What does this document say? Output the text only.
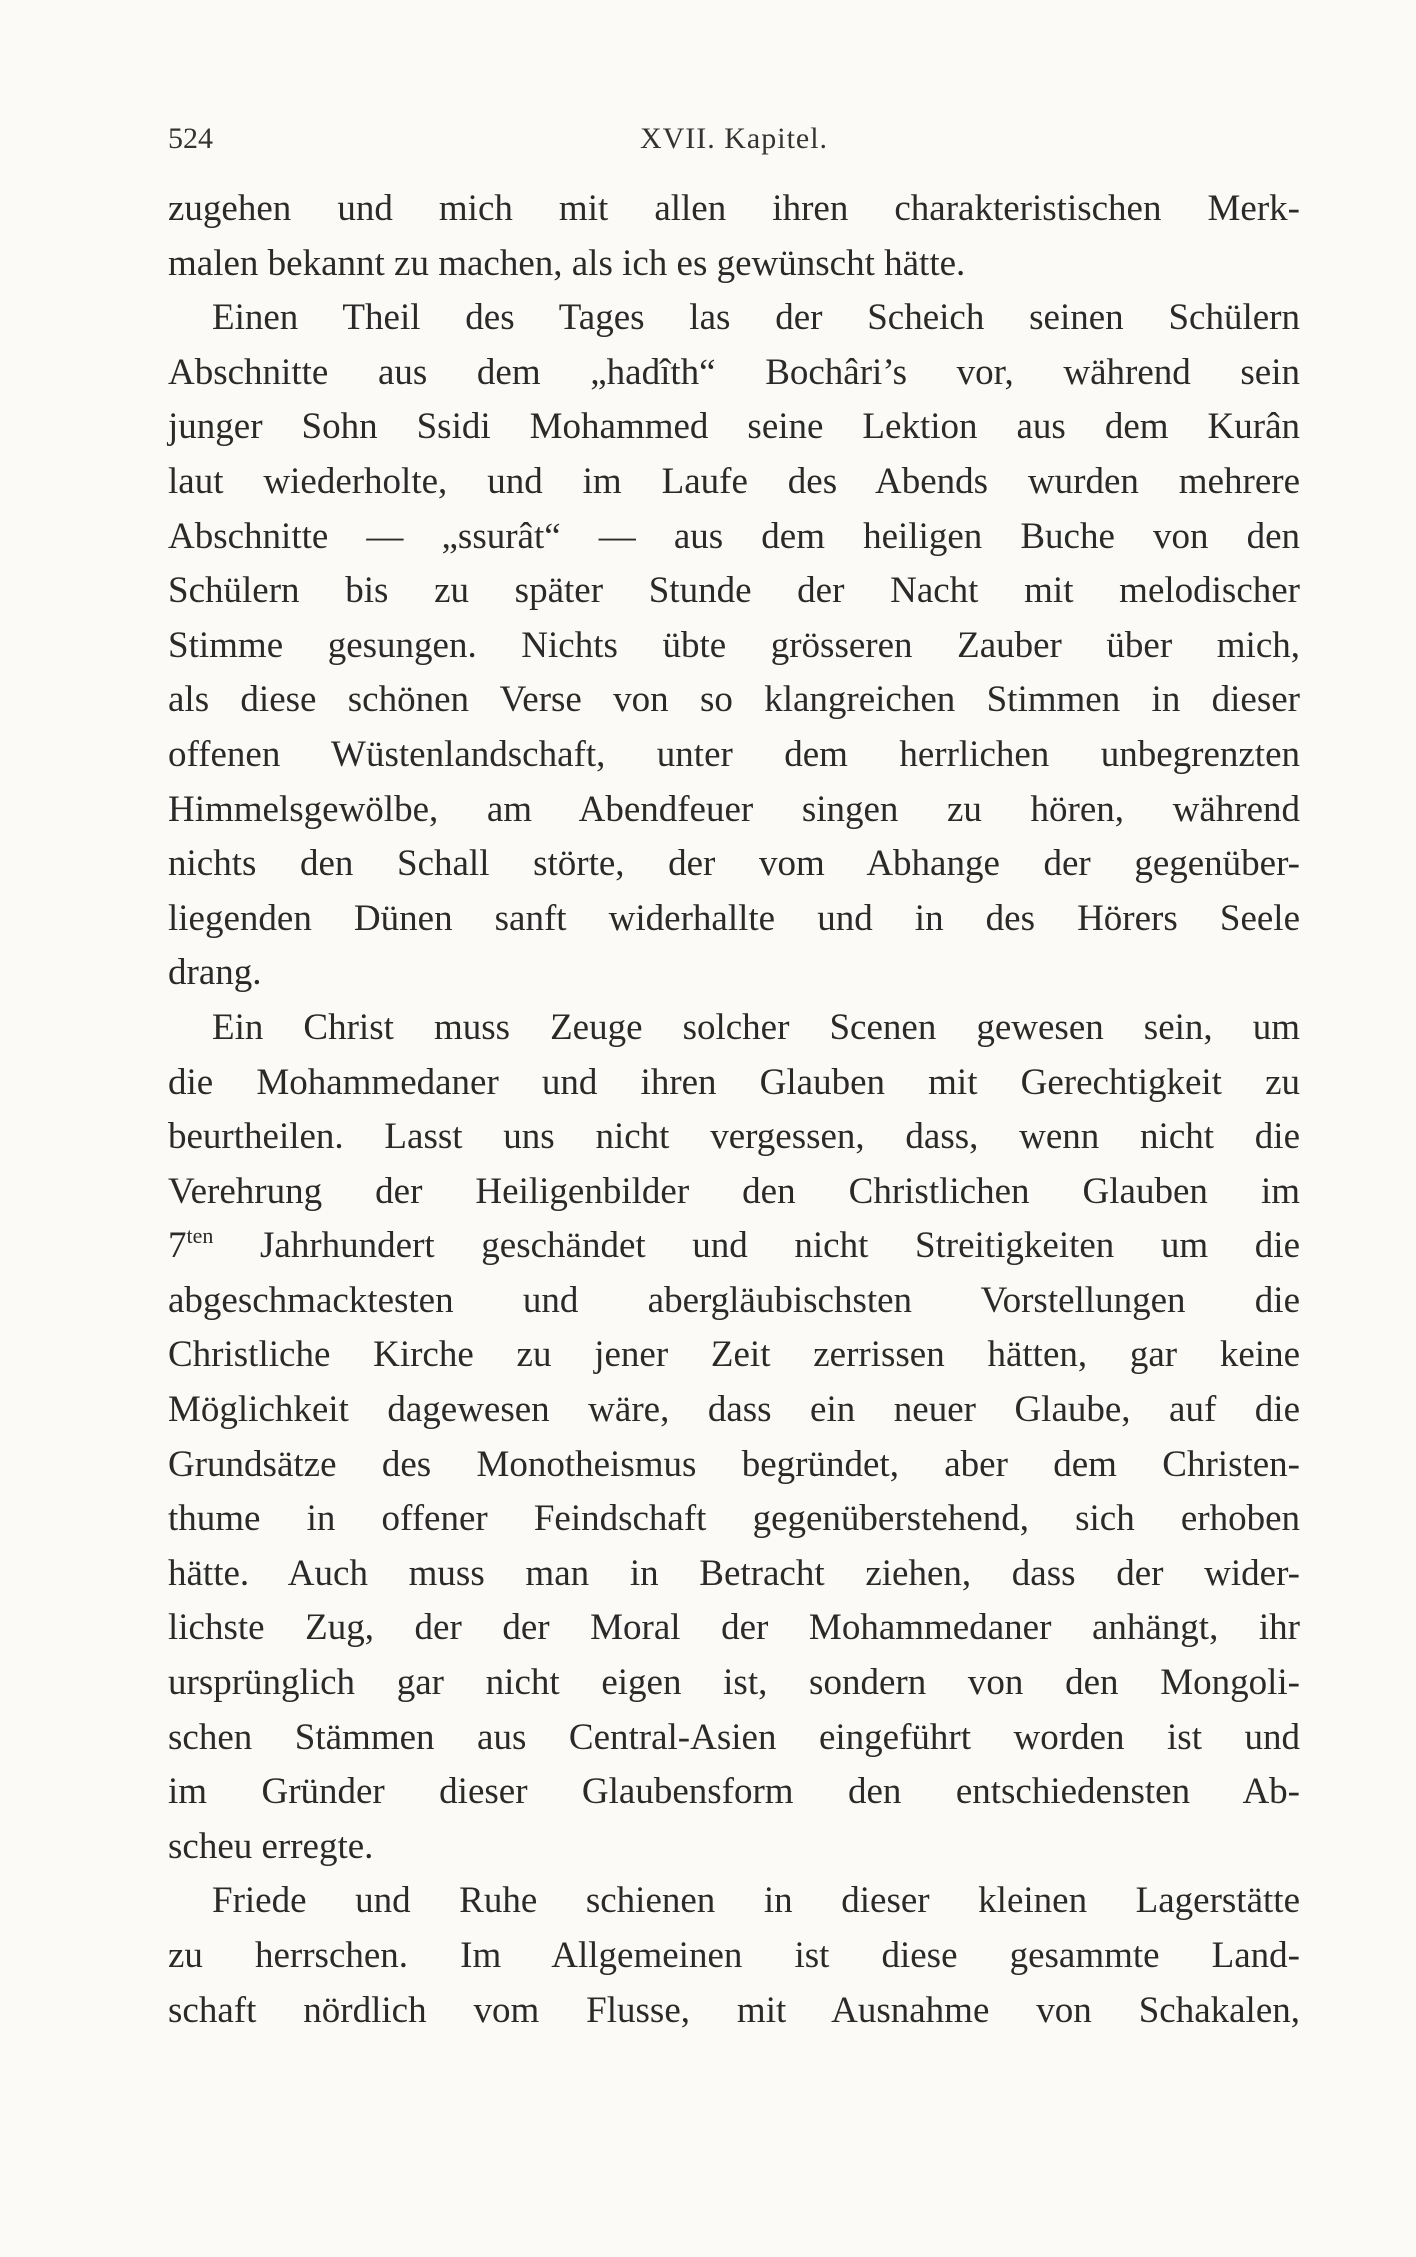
524	XVII. Kapitel.
zugehen und mich mit allen ihren charakteristischen Merk-
malen bekannt zu machen, als ich es gewünscht hätte.
Einen Theil des Tages las der Scheich seinen Schülern
Abschnitte aus dem „hadîth“ Bochâri’s vor, während sein
junger Sohn Ssidi Mohammed seine Lektion aus dem Kurân
laut wiederholte, und im Laufe des Abends wurden mehrere
Abschnitte — „ssurât“ — aus dem heiligen Buche von den
Schülern bis zu später Stunde der Nacht mit melodischer
Stimme gesungen. Nichts übte grösseren Zauber über mich,
als diese schönen Verse von so klangreichen Stimmen in dieser
offenen Wüstenlandschaft, unter dem herrlichen unbegrenzten
Himmelsgewölbe, am Abendfeuer singen zu hören, während
nichts den Schall störte, der vom Abhange der gegenüber-
liegenden Dünen sanft widerhallte und in des Hörers Seele
drang.
Ein Christ muss Zeuge solcher Scenen gewesen sein, um
die Mohammedaner und ihren Glauben mit Gerechtigkeit zu
beurtheilen. Lasst uns nicht vergessen, dass, wenn nicht die
Verehrung der Heiligenbilder den Christlichen Glauben im
$7^{ten}$ Jahrhundert geschändet und nicht Streitigkeiten um die
abgeschmacktesten und abergläubischsten Vorstellungen die
Christliche Kirche zu jener Zeit zerrissen hätten, gar keine
Möglichkeit dagewesen wäre, dass ein neuer Glaube, auf die
Grundsätze des Monotheismus begründet, aber dem Christen-
thume in offener Feindschaft gegenüberstehend, sich erhoben
hätte. Auch muss man in Betracht ziehen, dass der wider-
lichste Zug, der der Moral der Mohammedaner anhängt, ihr
ursprünglich gar nicht eigen ist, sondern von den Mongoli-
schen Stämmen aus Central-Asien eingeführt worden ist und
im Gründer dieser Glaubensform den entschiedensten Ab-
scheu erregte.
Friede und Ruhe schienen in dieser kleinen Lagerstätte
zu herrschen. Im Allgemeinen ist diese gesammte Land-
schaft nördlich vom Flusse, mit Ausnahme von Schakalen,
